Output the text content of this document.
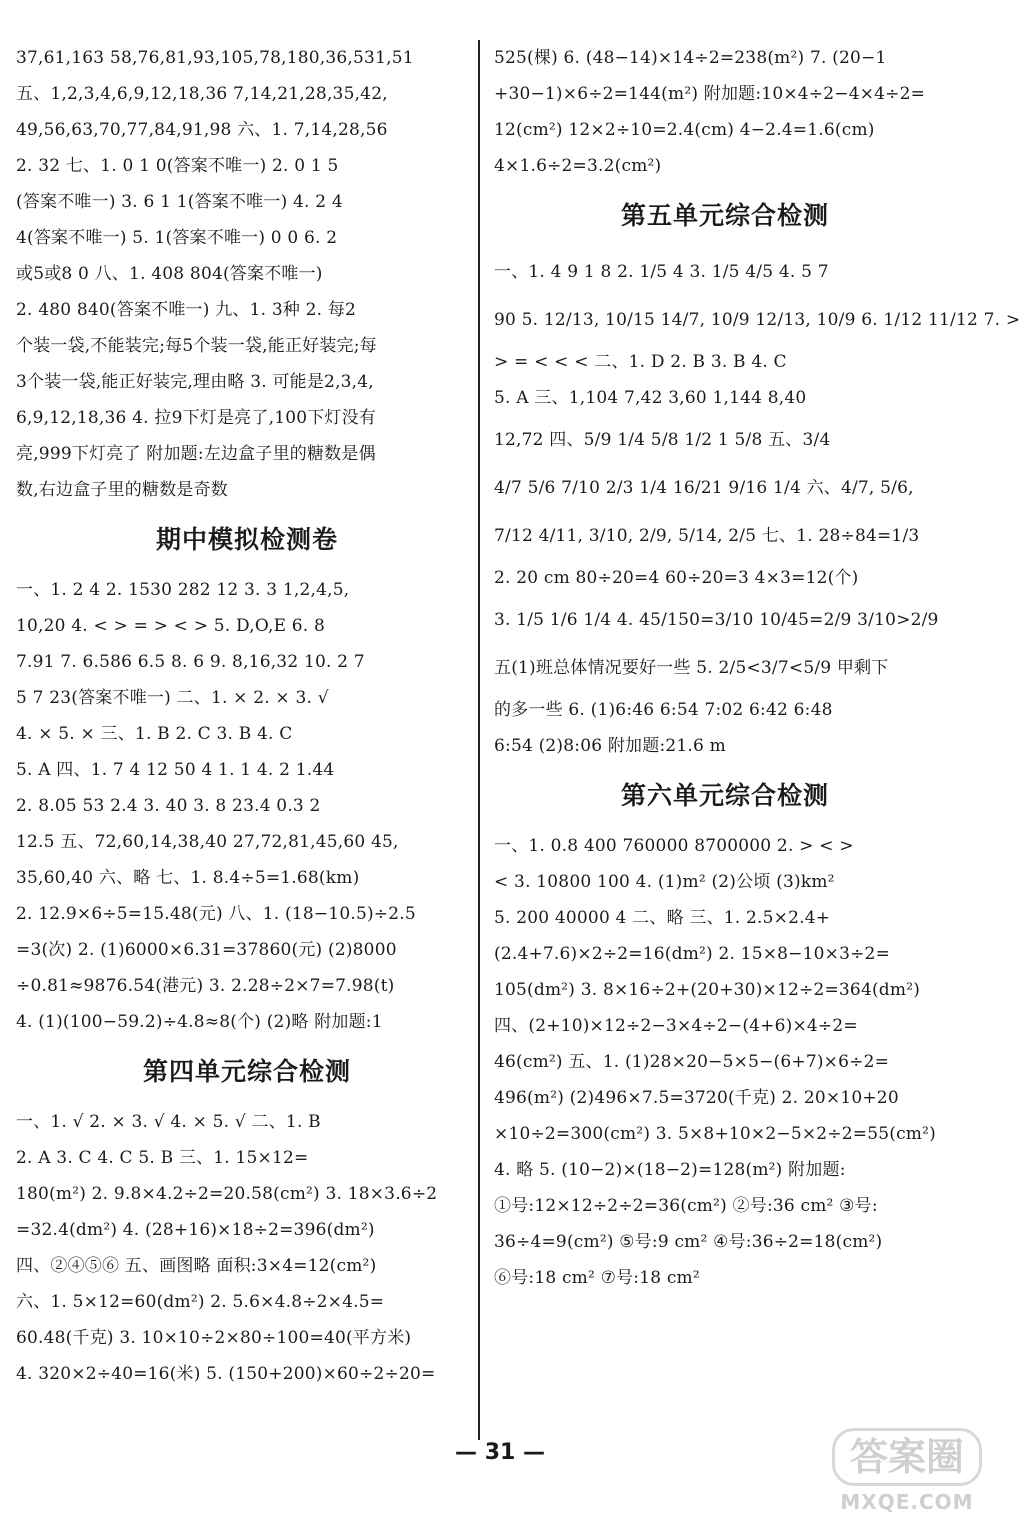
37,61,163 58,76,81,93,105,78,180,36,531,51
五、1,2,3,4,6,9,12,18,36 7,14,21,28,35,42,
49,56,63,70,77,84,91,98 六、1. 7,14,28,56
2. 32 七、1. 0 1 0(答案不唯一) 2. 0 1 5
(答案不唯一) 3. 6 1 1(答案不唯一) 4. 2 4
4(答案不唯一) 5. 1(答案不唯一) 0 0 6. 2
或5或8 0 八、1. 408 804(答案不唯一)
2. 480 840(答案不唯一) 九、1. 3种 2. 每2
个装一袋,不能装完;每5个装一袋,能正好装完;每
3个装一袋,能正好装完,理由略 3. 可能是2,3,4,
6,9,12,18,36 4. 拉9下灯是亮了,100下灯没有
亮,999下灯亮了 附加题:左边盒子里的糖数是偶
数,右边盒子里的糖数是奇数
期中模拟检测卷
一、1. 2 4 2. 1530 282 12 3. 3 1,2,4,5,
10,20 4. < > = > < > 5. D,O,E 6. 8
7.91 7. 6.586 6.5 8. 6 9. 8,16,32 10. 2 7
5 7 23(答案不唯一) 二、1. × 2. × 3. √
4. × 5. × 三、1. B 2. C 3. B 4. C
5. A 四、1. 7 4 12 50 4 1. 1 4. 2 1.44
2. 8.05 53 2.4 3. 40 3. 8 23.4 0.3 2
12.5 五、72,60,14,38,40 27,72,81,45,60 45,
35,60,40 六、略 七、1. 8.4÷5=1.68(km)
2. 12.9×6÷5=15.48(元) 八、1. (18−10.5)÷2.5
=3(次) 2. (1)6000×6.31=37860(元) (2)8000
÷0.81≈9876.54(港元) 3. 2.28÷2×7=7.98(t)
4. (1)(100−59.2)÷4.8≈8(个) (2)略 附加题:1
第四单元综合检测
一、1. √ 2. × 3. √ 4. × 5. √ 二、1. B
2. A 3. C 4. C 5. B 三、1. 15×12=
180(m²) 2. 9.8×4.2÷2=20.58(cm²) 3. 18×3.6÷2
=32.4(dm²) 4. (28+16)×18÷2=396(dm²)
四、②④⑤⑥ 五、画图略 面积:3×4=12(cm²)
六、1. 5×12=60(dm²) 2. 5.6×4.8÷2×4.5=
60.48(千克) 3. 10×10÷2×80÷100=40(平方米)
4. 320×2÷40=16(米) 5. (150+200)×60÷2÷20=
525(棵) 6. (48−14)×14÷2=238(m²) 7. (20−1
+30−1)×6÷2=144(m²) 附加题:10×4÷2−4×4÷2=
12(cm²) 12×2÷10=2.4(cm) 4−2.4=1.6(cm)
4×1.6÷2=3.2(cm²)
第五单元综合检测
一、1. 4 9 1 8 2. 1/5 4 3. 1/5 4/5 4. 5 7
90 5. 12/13, 10/15 14/7, 10/9 12/13, 10/9 6. 1/12 11/12 7. >
> = < < < 二、1. D 2. B 3. B 4. C
5. A 三、1,104 7,42 3,60 1,144 8,40
12,72 四、5/9 1/4 5/8 1/2 1 5/8 五、3/4
4/7 5/6 7/10 2/3 1/4 16/21 9/16 1/4 六、4/7, 5/6,
7/12 4/11, 3/10, 2/9, 5/14, 2/5 七、1. 28÷84=1/3
2. 20 cm 80÷20=4 60÷20=3 4×3=12(个)
3. 1/5 1/6 1/4 4. 45/150=3/10 10/45=2/9 3/10>2/9
五(1)班总体情况要好一些 5. 2/5<3/7<5/9 甲剩下
的多一些 6. (1)6:46 6:54 7:02 6:42 6:48
6:54 (2)8:06 附加题:21.6 m
第六单元综合检测
一、1. 0.8 400 760000 8700000 2. > < >
< 3. 10800 100 4. (1)m² (2)公顷 (3)km²
5. 200 40000 4 二、略 三、1. 2.5×2.4+
(2.4+7.6)×2÷2=16(dm²) 2. 15×8−10×3÷2=
105(dm²) 3. 8×16÷2+(20+30)×12÷2=364(dm²)
四、(2+10)×12÷2−3×4÷2−(4+6)×4÷2=
46(cm²) 五、1. (1)28×20−5×5−(6+7)×6÷2=
496(m²) (2)496×7.5=3720(千克) 2. 20×10+20
×10÷2=300(cm²) 3. 5×8+10×2−5×2÷2=55(cm²)
4. 略 5. (10−2)×(18−2)=128(m²) 附加题:
①号:12×12÷2÷2=36(cm²) ②号:36 cm² ③号:
36÷4=9(cm²) ⑤号:9 cm² ④号:36÷2=18(cm²)
⑥号:18 cm² ⑦号:18 cm²
— 31 —	答案圈
MXQE.COM
